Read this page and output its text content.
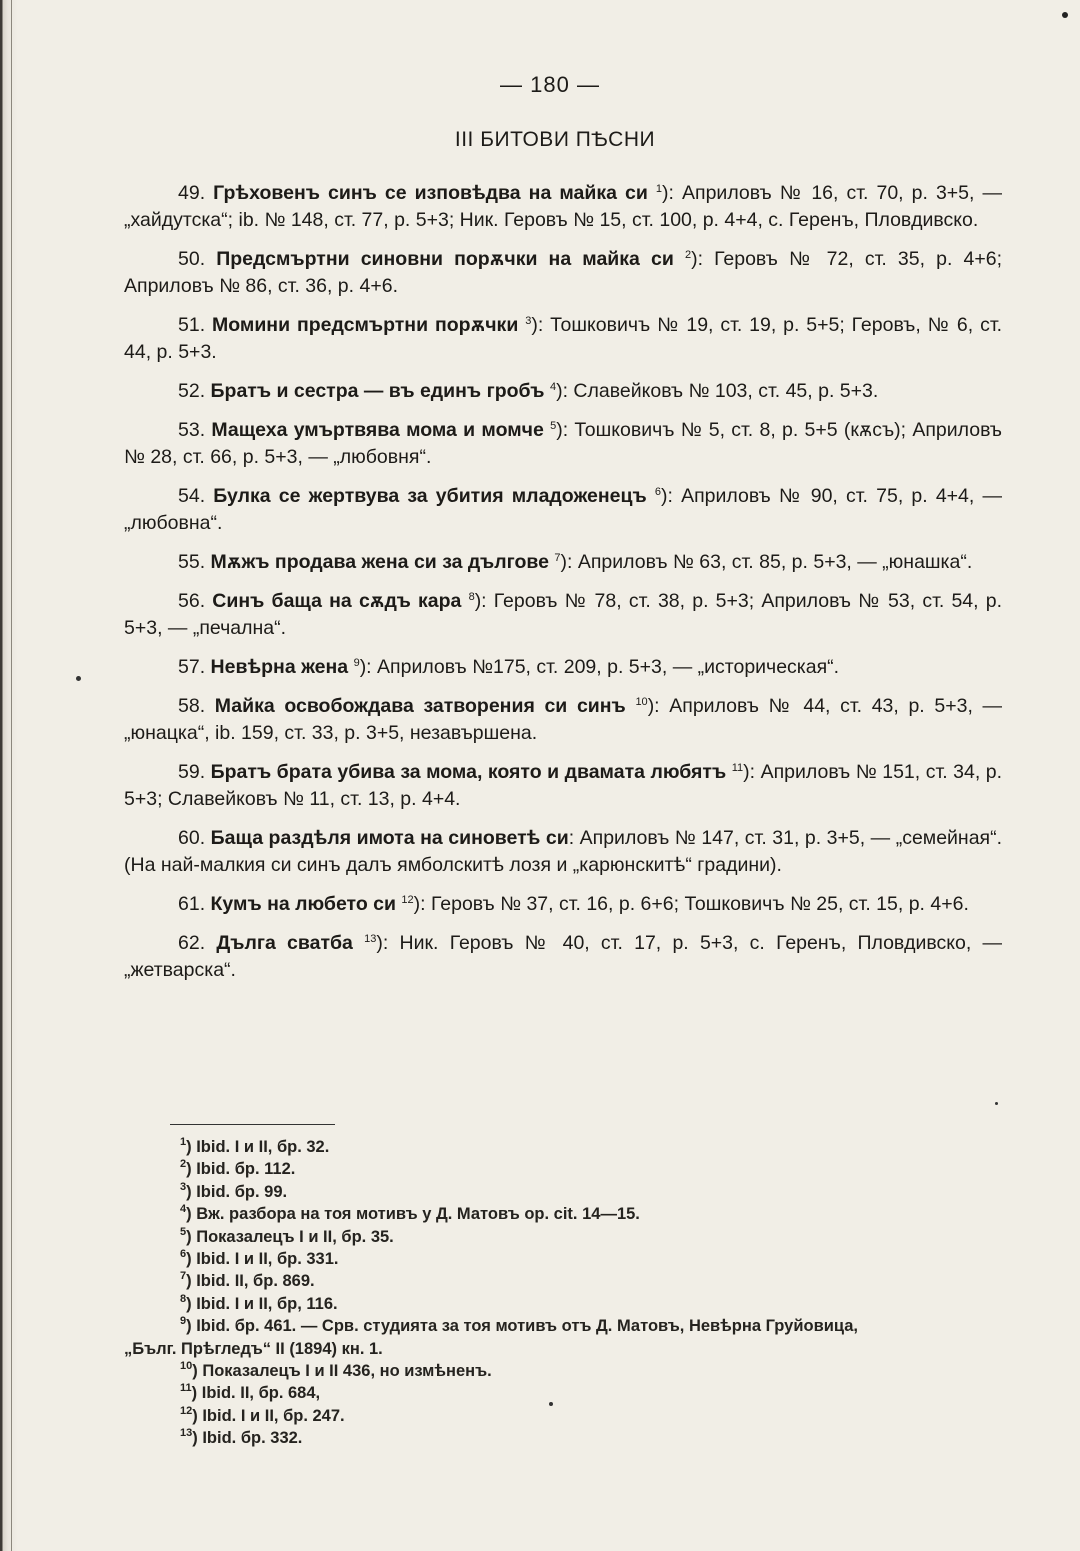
— 180 —
III БИТОВИ ПѢСНИ

49. Грѣховенъ синъ се изповѣдва на майка си $^1$): Априловъ № 16, ст. 70, р. 3+5, — „хайдутска“; ib. № 148, ст. 77, р. 5+3; Ник. Геровъ № 15, ст. 100, р. 4+4, с. Геренъ, Пловдивско.

50. Предсмъртни синовни порѫчки на майка си $^2$): Геровъ № 72, ст. 35, р. 4+6; Априловъ № 86, ст. 36, р. 4+6.

51. Момини предсмъртни порѫчки $^3$): Тошковичъ № 19, ст. 19, р. 5+5; Геровъ, № 6, ст. 44, р. 5+3.

52. Братъ и сестра — въ единъ гробъ $^4$): Славейковъ № 103, ст. 45, р. 5+3.

53. Мащеха умъртвява мома и момче $^5$): Тошковичъ № 5, ст. 8, р. 5+5 (кѫсъ); Априловъ № 28, ст. 66, р. 5+3, — „любовня“.

54. Булка се жертвува за убития младоженецъ $^6$): Априловъ № 90, ст. 75, р. 4+4, — „любовна“.

55. Мѫжъ продава жена си за дългове $^7$): Априловъ № 63, ст. 85, р. 5+3, — „юнашка“.

56. Синъ баща на сѫдъ кара $^8$): Геровъ № 78, ст. 38, р. 5+3; Априловъ № 53, ст. 54, р. 5+3, — „печална“.

57. Невѣрна жена $^9$): Априловъ №175, ст. 209, р. 5+3, — „историческая“.

58. Майка освобождава затворения си синъ $^{10}$): Априловъ № 44, ст. 43, р. 5+3, — „юнацка“, ib. 159, ст. 33, р. 3+5, незавършена.

59. Братъ брата убива за мома, която и двамата любятъ $^{11}$): Априловъ № 151, ст. 34, р. 5+3; Славейковъ № 11, ст. 13, р. 4+4.

60. Баща раздѣля имота на синоветѣ си: Априловъ № 147, ст. 31, р. 3+5, — „семейная“. (На най-малкия си синъ далъ ямболскитѣ лозя и „карюнскитѣ“ градини).

61. Кумъ на любето си $^{12}$): Геровъ № 37, ст. 16, р. 6+6; Тошковичъ № 25, ст. 15, р. 4+6.

62. Дълга сватба $^{13}$): Ник. Геровъ № 40, ст. 17, р. 5+3, с. Геренъ, Пловдивско, — „жетварска“.

$^1$) Ibid. I и II, бр. 32.

$^2$) Ibid. бр. 112.

$^3$) Ibid. бр. 99.

$^4$) Вж. разбора на тоя мотивъ у Д. Матовъ op. cit. 14—15.

$^5$) Показалецъ I и II, бр. 35.

$^6$) Ibid. I и II, бр. 331.

$^7$) Ibid. II, бр. 869.

$^8$) Ibid. I и II, бр, 116.

$^9$) Ibid. бр. 461. — Срв. студията за тоя мотивъ отъ Д. Матовъ, Невѣрна Груйовица,

„Бълг. Прѣгледъ“ II (1894) кн. 1.

$^{10}$) Показалецъ I и II 436, но измѣненъ.

$^{11}$) Ibid. II, бр. 684,

$^{12}$) Ibid. I и II, бр. 247.

$^{13}$) Ibid. бр. 332.
